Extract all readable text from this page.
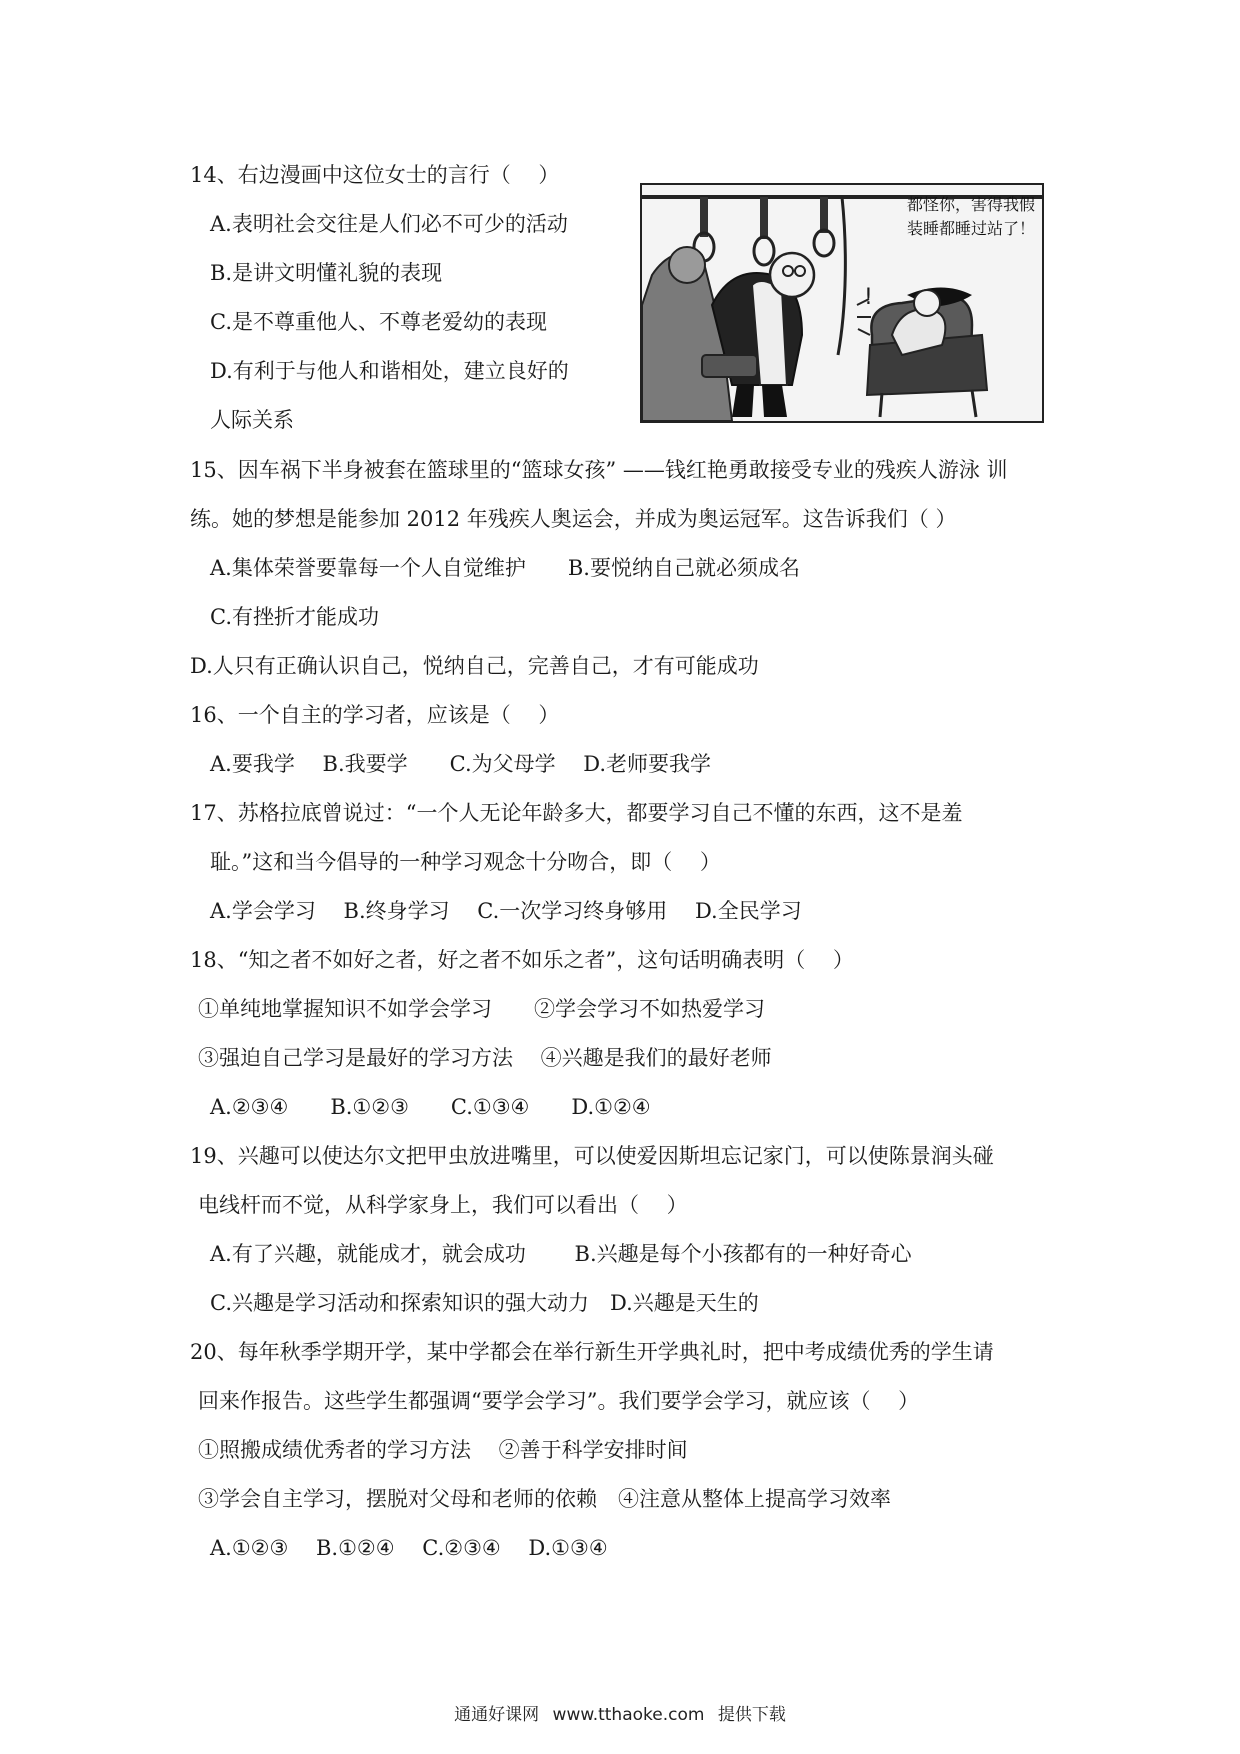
14、右边漫画中这位女士的言行（　 ）
A.表明社会交往是人们必不可少的活动
B.是讲文明懂礼貌的表现
C.是不尊重他人、不尊老爱幼的表现
D.有利于与他人和谐相处，建立良好的
人际关系
15、因车祸下半身被套在篮球里的“篮球女孩” ——钱红艳勇敢接受专业的残疾人游泳 训
练。她的梦想是能参加 2012 年残疾人奥运会，并成为奥运冠军。这告诉我们（ ）
A.集体荣誉要靠每一个人自觉维护　　B.要悦纳自己就必须成名
C.有挫折才能成功
D.人只有正确认识自己，悦纳自己，完善自己，才有可能成功
16、一个自主的学习者，应该是（　 ）
A.要我学　 B.我要学　　C.为父母学　 D.老师要我学
17、苏格拉底曾说过：“一个人无论年龄多大，都要学习自己不懂的东西，这不是羞
耻。”这和当今倡导的一种学习观念十分吻合，即（　 ）
A.学会学习　 B.终身学习　 C.一次学习终身够用　 D.全民学习
18、“知之者不如好之者，好之者不如乐之者”，这句话明确表明（　 ）
①单纯地掌握知识不如学会学习　　②学会学习不如热爱学习
③强迫自己学习是最好的学习方法　 ④兴趣是我们的最好老师
A.②③④　　B.①②③　　C.①③④　　D.①②④
19、兴趣可以使达尔文把甲虫放进嘴里，可以使爱因斯坦忘记家门，可以使陈景润头碰
电线杆而不觉，从科学家身上，我们可以看出（　 ）
A.有了兴趣，就能成才，就会成功　　 B.兴趣是每个小孩都有的一种好奇心
C.兴趣是学习活动和探索知识的强大动力　D.兴趣是天生的
20、每年秋季学期开学，某中学都会在举行新生开学典礼时，把中考成绩优秀的学生请
回来作报告。这些学生都强调“要学会学习”。我们要学会学习，就应该（　 ）
①照搬成绩优秀者的学习方法　 ②善于科学安排时间
③学会自主学习，摆脱对父母和老师的依赖　④注意从整体上提高学习效率
A.①②③　 B.①②④　 C.②③④　 D.①③④
都怪你，害得我假装睡都睡过站了！
!
通通好课网 www.tthaoke.com 提供下载
